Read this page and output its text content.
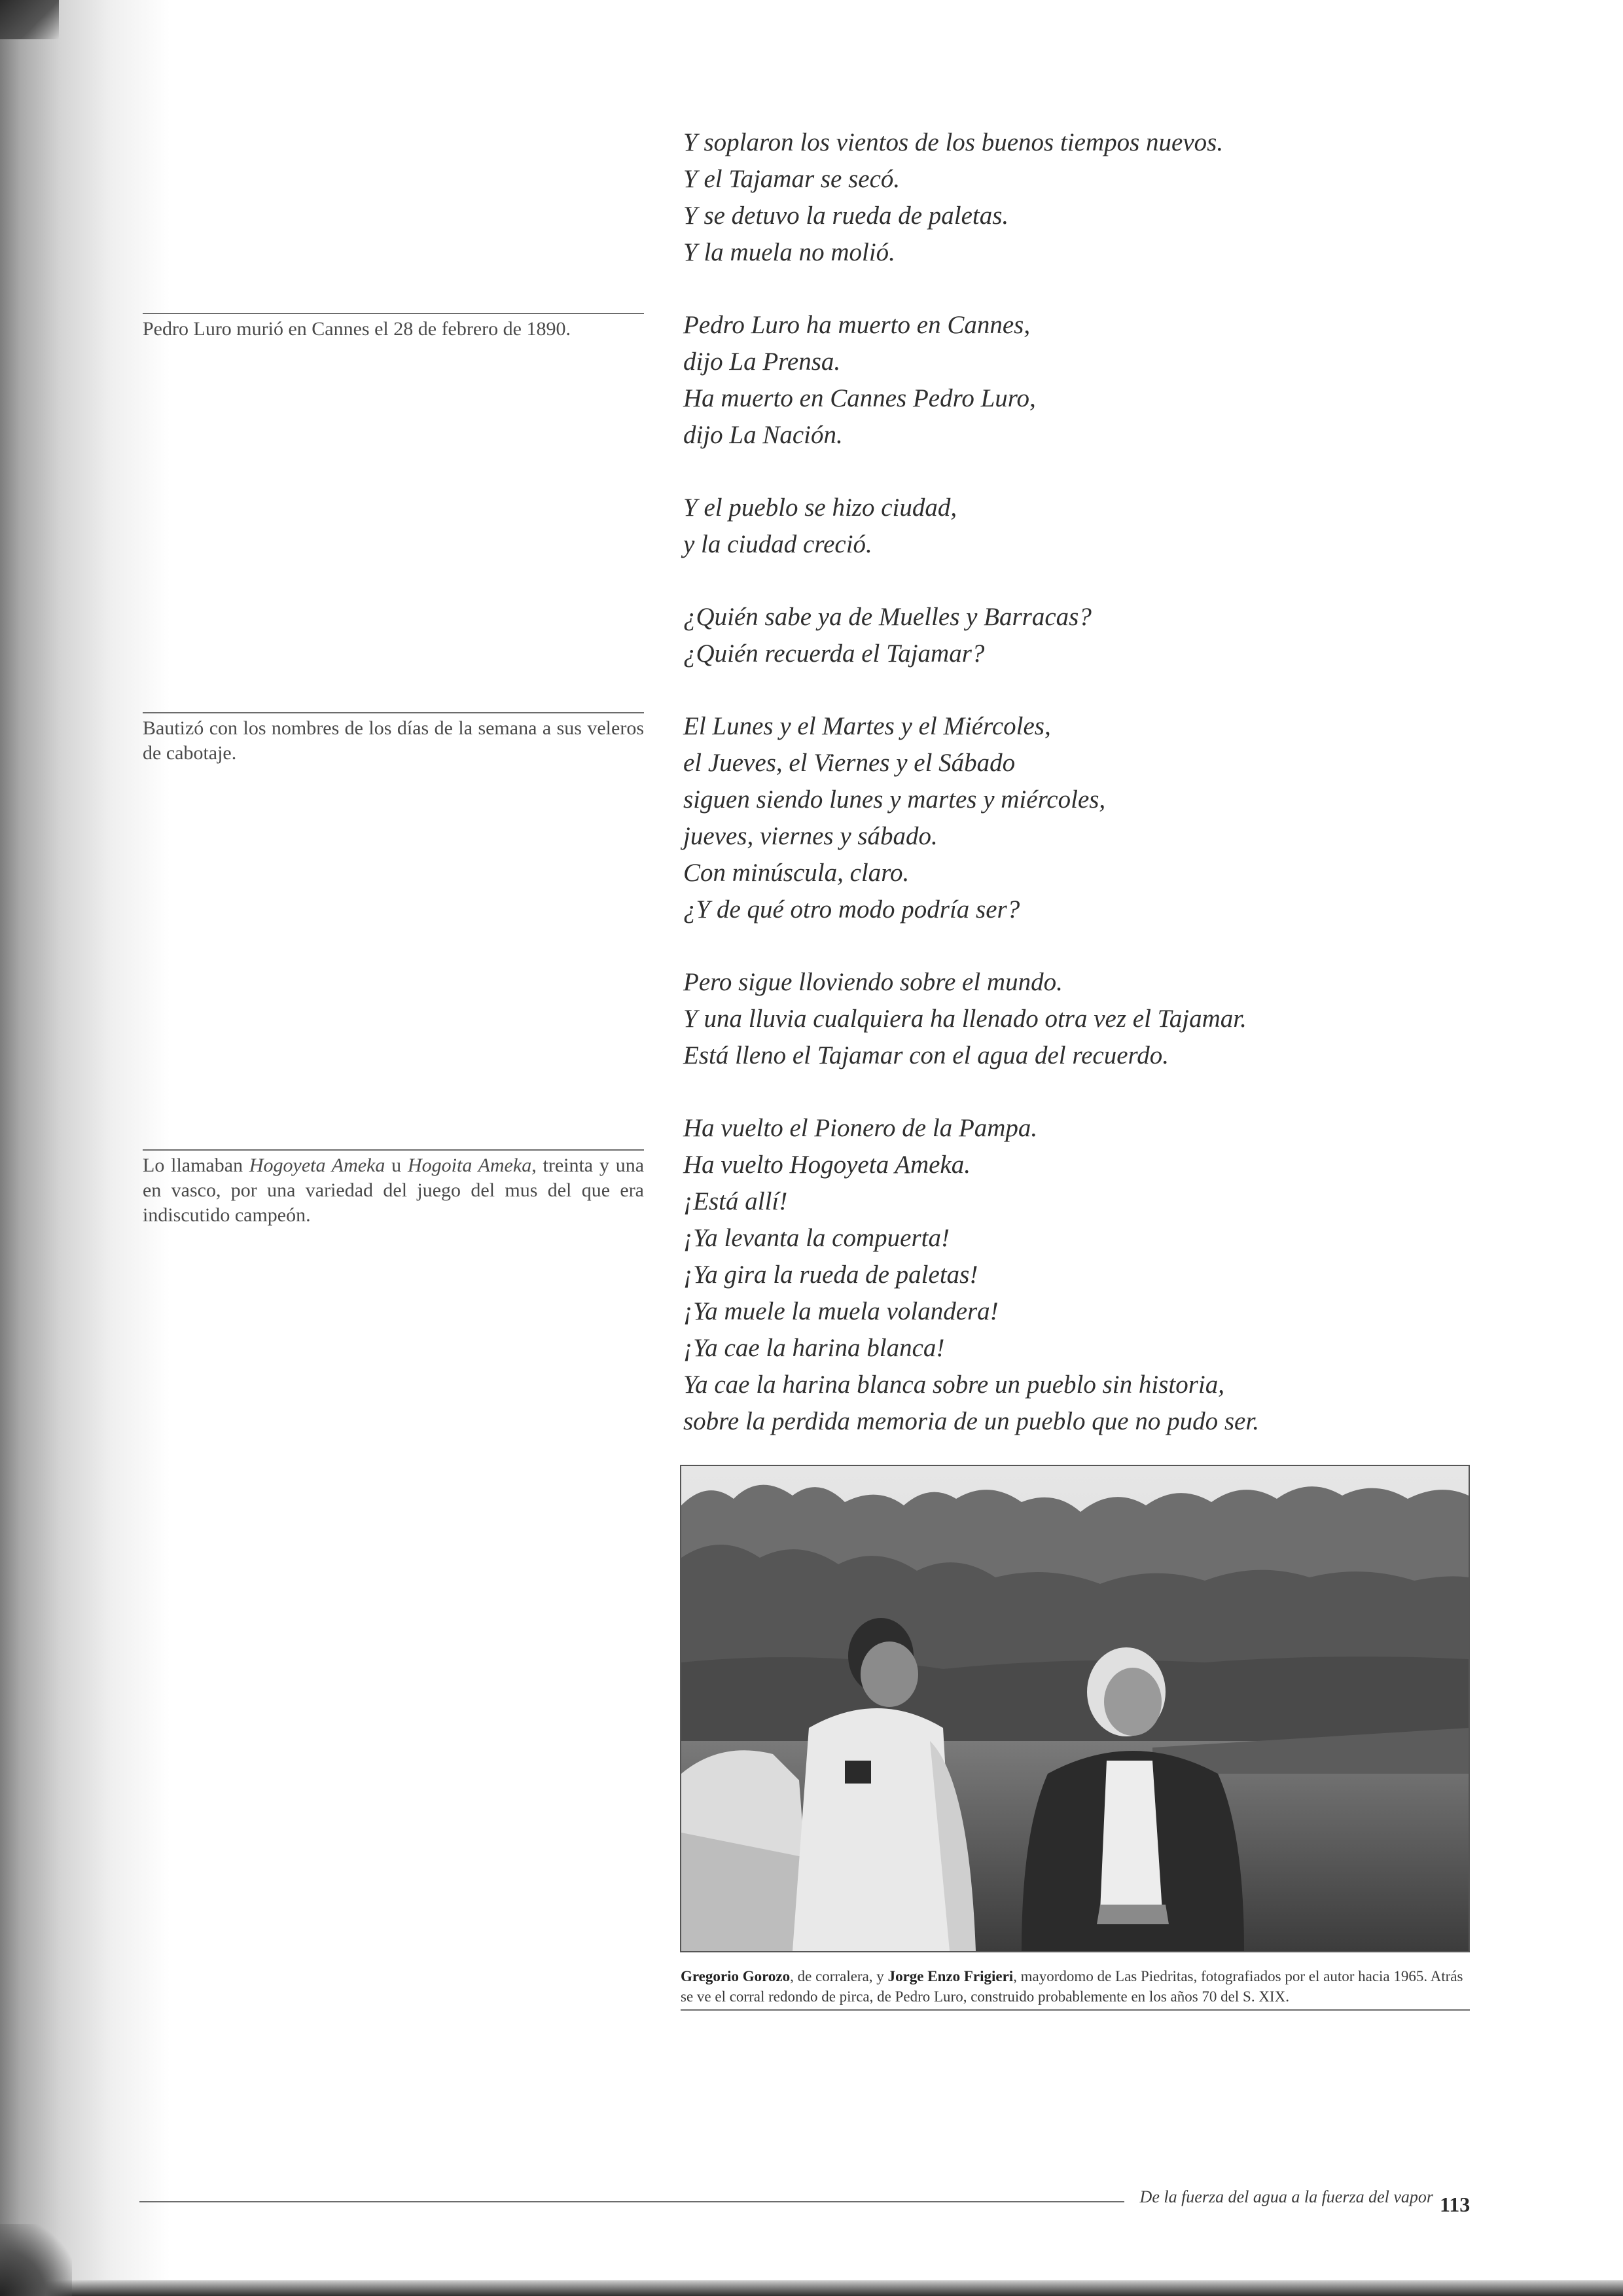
Y soplaron los vientos de los buenos tiempos nuevos.
Y el Tajamar se secó.
Y se detuvo la rueda de paletas.
Y la muela no molió.
Pedro Luro ha muerto en Cannes,
dijo La Prensa.
Ha muerto en Cannes Pedro Luro,
dijo La Nación.
Y el pueblo se hizo ciudad,
y la ciudad creció.
¿Quién sabe ya de Muelles y Barracas?
¿Quién recuerda el Tajamar?
El Lunes y el Martes y el Miércoles,
el Jueves, el Viernes y el Sábado
siguen siendo lunes y martes y miércoles,
jueves, viernes y sábado.
Con minúscula, claro.
¿Y de qué otro modo podría ser?
Pero sigue lloviendo sobre el mundo.
Y una lluvia cualquiera ha llenado otra vez el Tajamar.
Está lleno el Tajamar con el agua del recuerdo.
Ha vuelto el Pionero de la Pampa.
Ha vuelto Hogoyeta Ameka.
¡Está allí!
¡Ya levanta la compuerta!
¡Ya gira la rueda de paletas!
¡Ya muele la muela volandera!
¡Ya cae la harina blanca!
Ya cae la harina blanca sobre un pueblo sin historia,
sobre la perdida memoria de un pueblo que no pudo ser.
Pedro Luro murió en Cannes el 28 de febrero de 1890.
Bautizó con los nombres de los días de la semana a sus veleros de cabotaje.
Lo llamaban Hogoyeta Ameka u Hogoita Ameka, treinta y una en vasco, por una variedad del juego del mus del que era indiscutido campeón.
Gregorio Gorozo, de corralera, y Jorge Enzo Frigieri, mayordomo de Las Piedritas, fotografiados por el autor hacia 1965. Atrás se ve el corral redondo de pirca, de Pedro Luro, construido probablemente en los años 70 del S. XIX.
De la fuerza del agua a la fuerza del vapor 113
